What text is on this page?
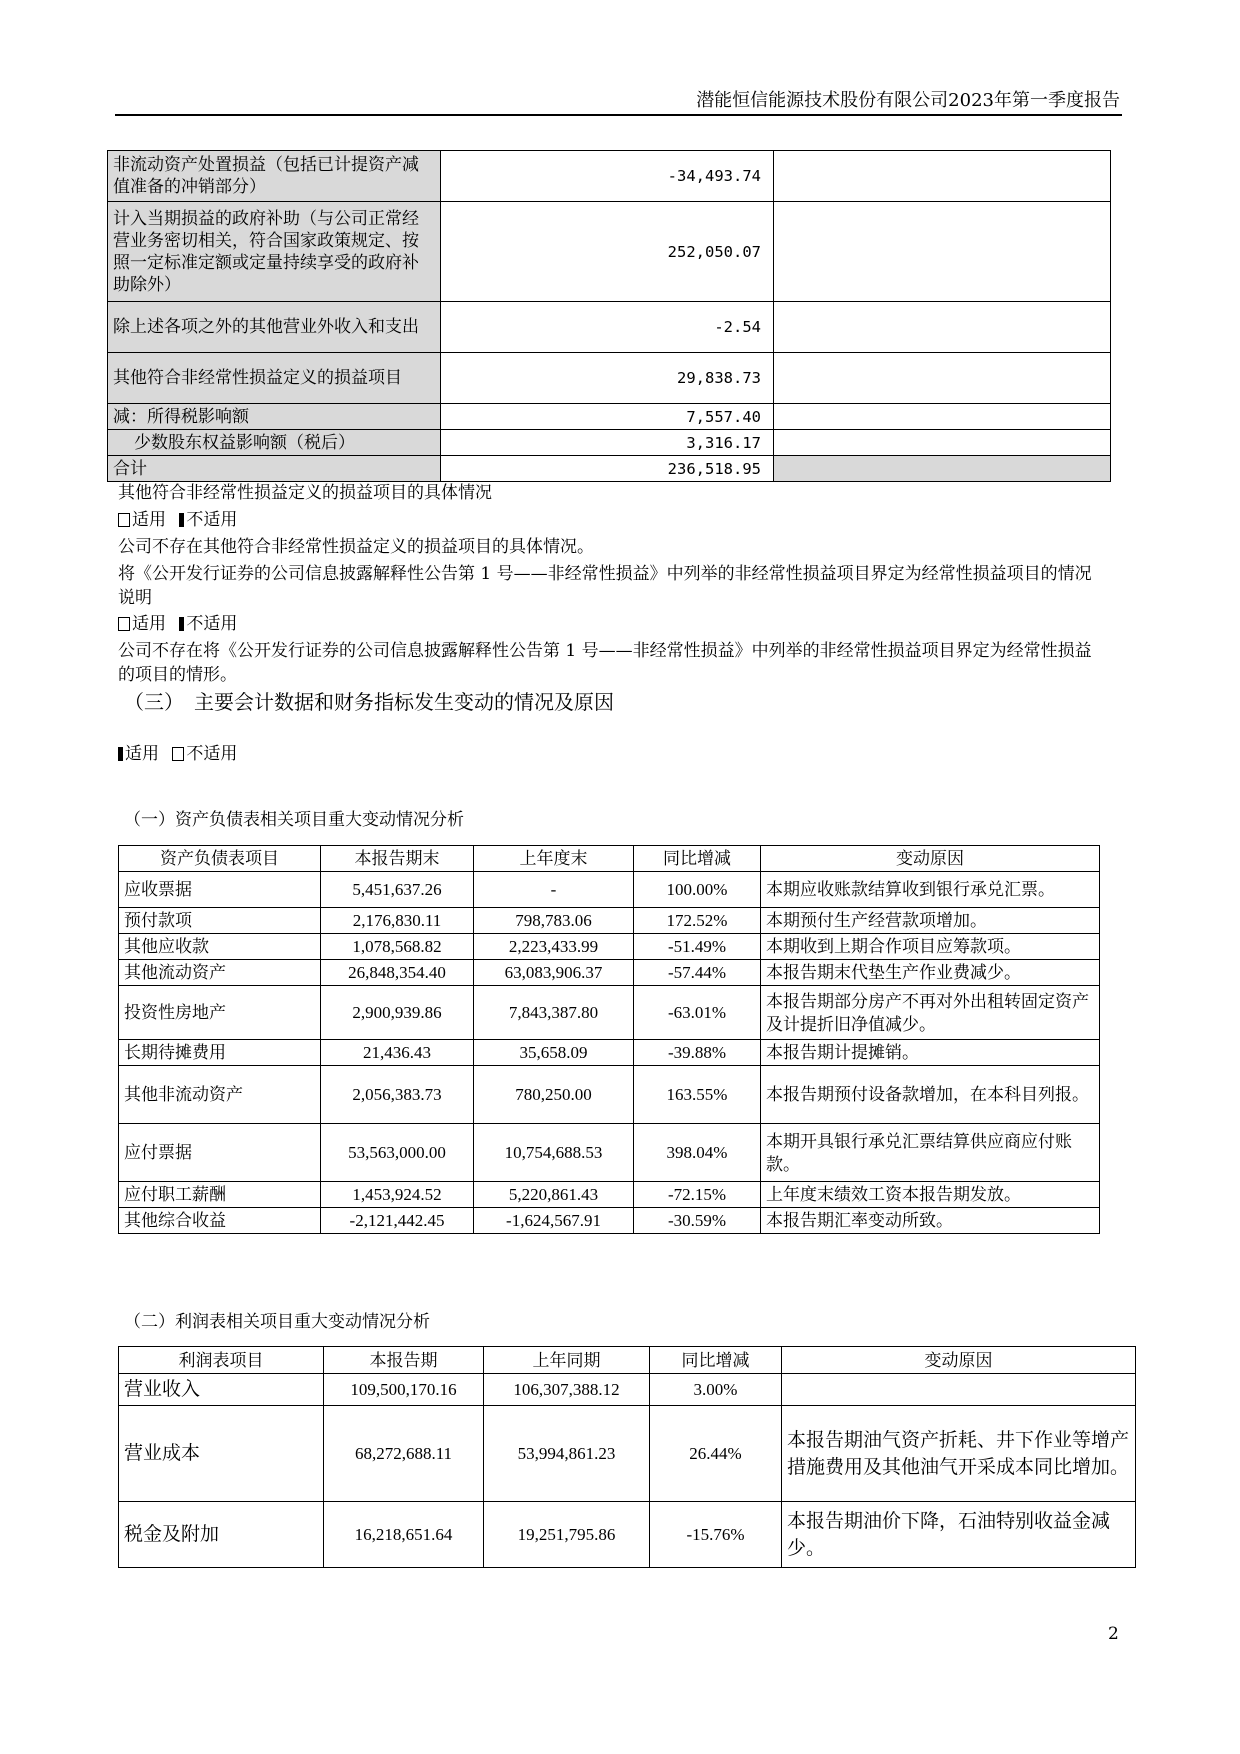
潜能恒信能源技术股份有限公司2023年第一季度报告
非流动资产处置损益（包括已计提资产减值准备的冲销部分）	-34,493.74	
计入当期损益的政府补助（与公司正常经营业务密切相关，符合国家政策规定、按照一定标准定额或定量持续享受的政府补助除外）	252,050.07	
除上述各项之外的其他营业外收入和支出	-2.54	
其他符合非经常性损益定义的损益项目	29,838.73	
减：所得税影响额	7,557.40	
少数股东权益影响额（税后）	3,316.17	
合计	236,518.95	
其他符合非经常性损益定义的损益项目的具体情况
适用 不适用
公司不存在其他符合非经常性损益定义的损益项目的具体情况。
将《公开发行证券的公司信息披露解释性公告第 1 号——非经常性损益》中列举的非经常性损益项目界定为经常性损益项目的情况说明
适用 不适用
公司不存在将《公开发行证券的公司信息披露解释性公告第 1 号——非经常性损益》中列举的非经常性损益项目界定为经常性损益的项目的情形。
（三）　主要会计数据和财务指标发生变动的情况及原因
适用 不适用
（一）资产负债表相关项目重大变动情况分析
资产负债表项目	本报告期末	上年度末	同比增减	变动原因
应收票据	5,451,637.26	-	100.00%	本期应收账款结算收到银行承兑汇票。
预付款项	2,176,830.11	798,783.06	172.52%	本期预付生产经营款项增加。
其他应收款	1,078,568.82	2,223,433.99	-51.49%	本期收到上期合作项目应筹款项。
其他流动资产	26,848,354.40	63,083,906.37	-57.44%	本报告期末代垫生产作业费减少。
投资性房地产	2,900,939.86	7,843,387.80	-63.01%	本报告期部分房产不再对外出租转固定资产及计提折旧净值减少。
长期待摊费用	21,436.43	35,658.09	-39.88%	本报告期计提摊销。
其他非流动资产	2,056,383.73	780,250.00	163.55%	本报告期预付设备款增加，在本科目列报。
应付票据	53,563,000.00	10,754,688.53	398.04%	本期开具银行承兑汇票结算供应商应付账款。
应付职工薪酬	1,453,924.52	5,220,861.43	-72.15%	上年度末绩效工资本报告期发放。
其他综合收益	-2,121,442.45	-1,624,567.91	-30.59%	本报告期汇率变动所致。
（二）利润表相关项目重大变动情况分析
利润表项目	本报告期	上年同期	同比增减	变动原因
营业收入	109,500,170.16	106,307,388.12	3.00%	
营业成本	68,272,688.11	53,994,861.23	26.44%	本报告期油气资产折耗、井下作业等增产措施费用及其他油气开采成本同比增加。
税金及附加	16,218,651.64	19,251,795.86	-15.76%	本报告期油价下降，石油特别收益金减少。
2
